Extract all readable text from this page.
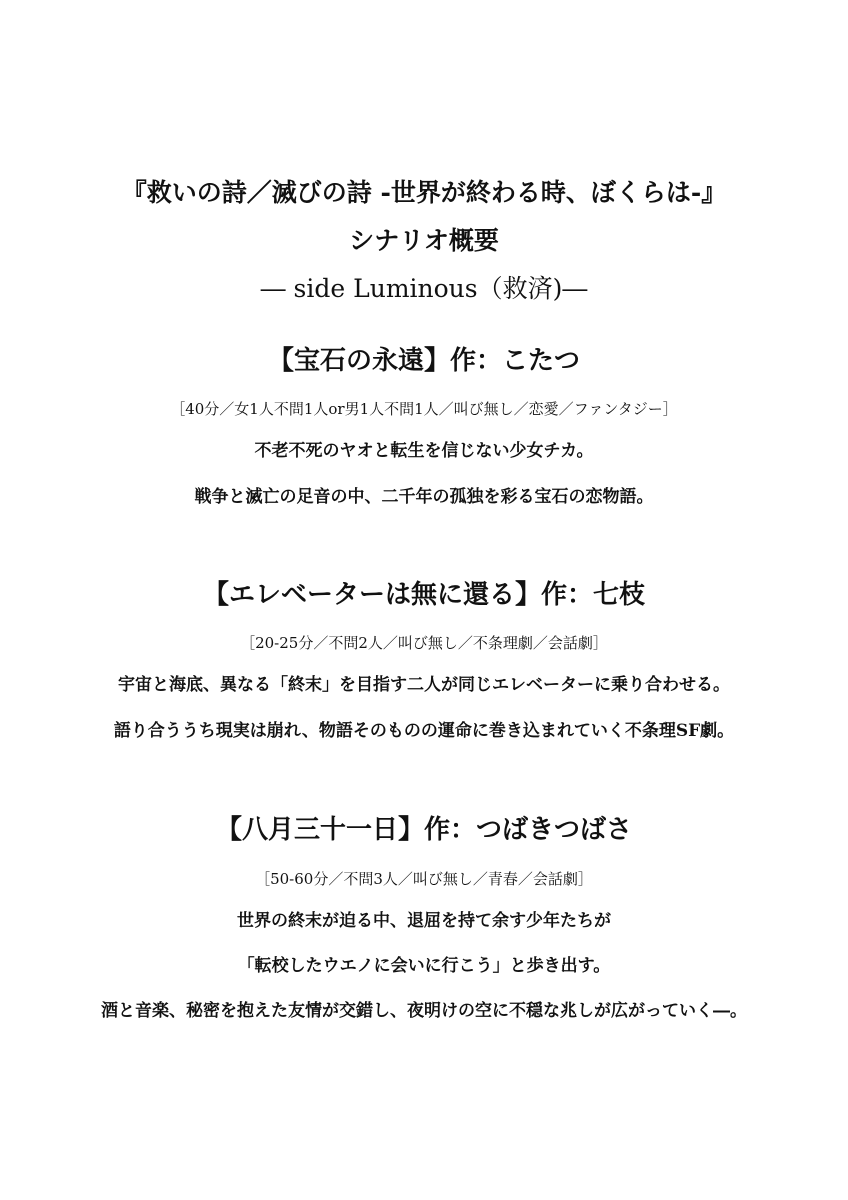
『救いの詩／滅びの詩 -世界が終わる時、ぼくらは-』
シナリオ概要
― side Luminous（救済)―
【宝石の永遠】作：こたつ
［40分／女1人不問1人or男1人不問1人／叫び無し／恋愛／ファンタジー］
不老不死のヤオと転生を信じない少女チカ。
戦争と滅亡の足音の中、二千年の孤独を彩る宝石の恋物語。
【エレベーターは無に還る】作：七枝
［20-25分／不問2人／叫び無し／不条理劇／会話劇］
宇宙と海底、異なる「終末」を目指す二人が同じエレベーターに乗り合わせる。
語り合ううち現実は崩れ、物語そのものの運命に巻き込まれていく不条理SF劇。
【八月三十一日】作：つばきつばさ
［50-60分／不問3人／叫び無し／青春／会話劇］
世界の終末が迫る中、退屈を持て余す少年たちが
「転校したウエノに会いに行こう」と歩き出す。
酒と音楽、秘密を抱えた友情が交錯し、夜明けの空に不穏な兆しが広がっていく―。
